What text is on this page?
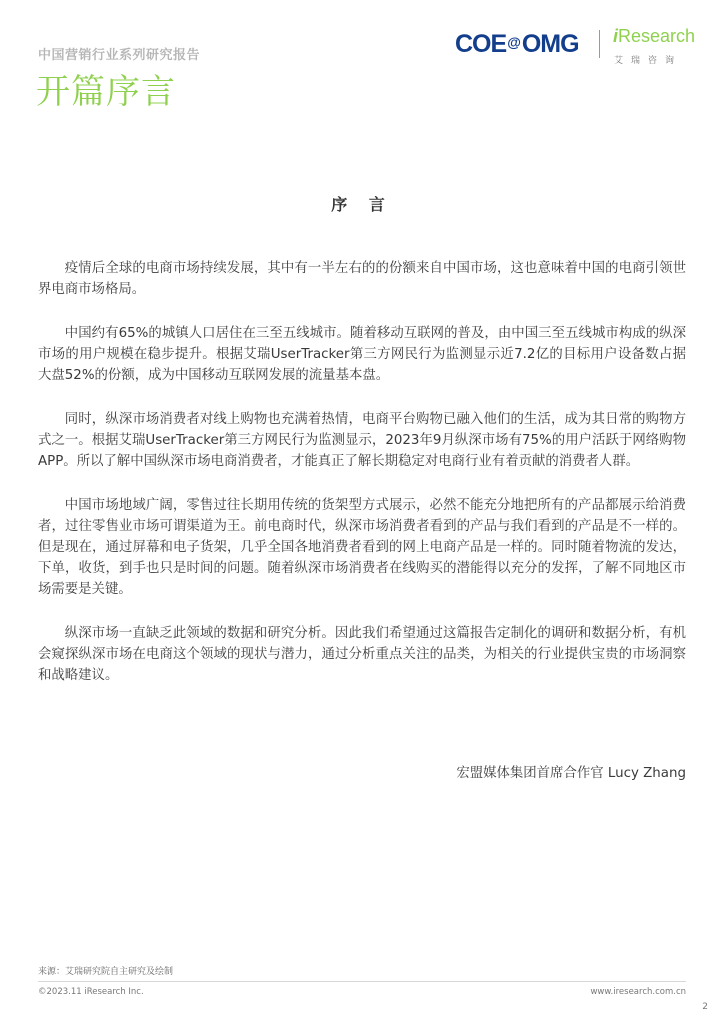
中国营销行业系列研究报告
开篇序言
COE@OMG iResearch
艾瑞咨询
序 言

疫情后全球的电商市场持续发展，其中有一半左右的的份额来自中国市场，这也意味着中国的电商引领世界电商市场格局。

中国约有65%的城镇人口居住在三至五线城市。随着移动互联网的普及，由中国三至五线城市构成的纵深市场的用户规模在稳步提升。根据艾瑞UserTracker第三方网民行为监测显示近7.2亿的目标用户设备数占据大盘52%的份额，成为中国移动互联网发展的流量基本盘。

同时，纵深市场消费者对线上购物也充满着热情，电商平台购物已融入他们的生活，成为其日常的购物方式之一。根据艾瑞UserTracker第三方网民行为监测显示，2023年9月纵深市场有75%的用户活跃于网络购物APP。所以了解中国纵深市场电商消费者，才能真正了解长期稳定对电商行业有着贡献的消费者人群。

中国市场地域广阔，零售过往长期用传统的货架型方式展示，必然不能充分地把所有的产品都展示给消费者，过往零售业市场可谓渠道为王。前电商时代，纵深市场消费者看到的产品与我们看到的产品是不一样的。但是现在，通过屏幕和电子货架，几乎全国各地消费者看到的网上电商产品是一样的。同时随着物流的发达，下单，收货，到手也只是时间的问题。随着纵深市场消费者在线购买的潜能得以充分的发挥，了解不同地区市场需要是关键。

纵深市场一直缺乏此领域的数据和研究分析。因此我们希望通过这篇报告定制化的调研和数据分析，有机会窥探纵深市场在电商这个领域的现状与潜力，通过分析重点关注的品类，为相关的行业提供宝贵的市场洞察和战略建议。

宏盟媒体集团首席合作官 Lucy Zhang
来源：艾瑞研究院自主研究及绘制
©2023.11 iResearch Inc.	www.iresearch.com.cn
2
